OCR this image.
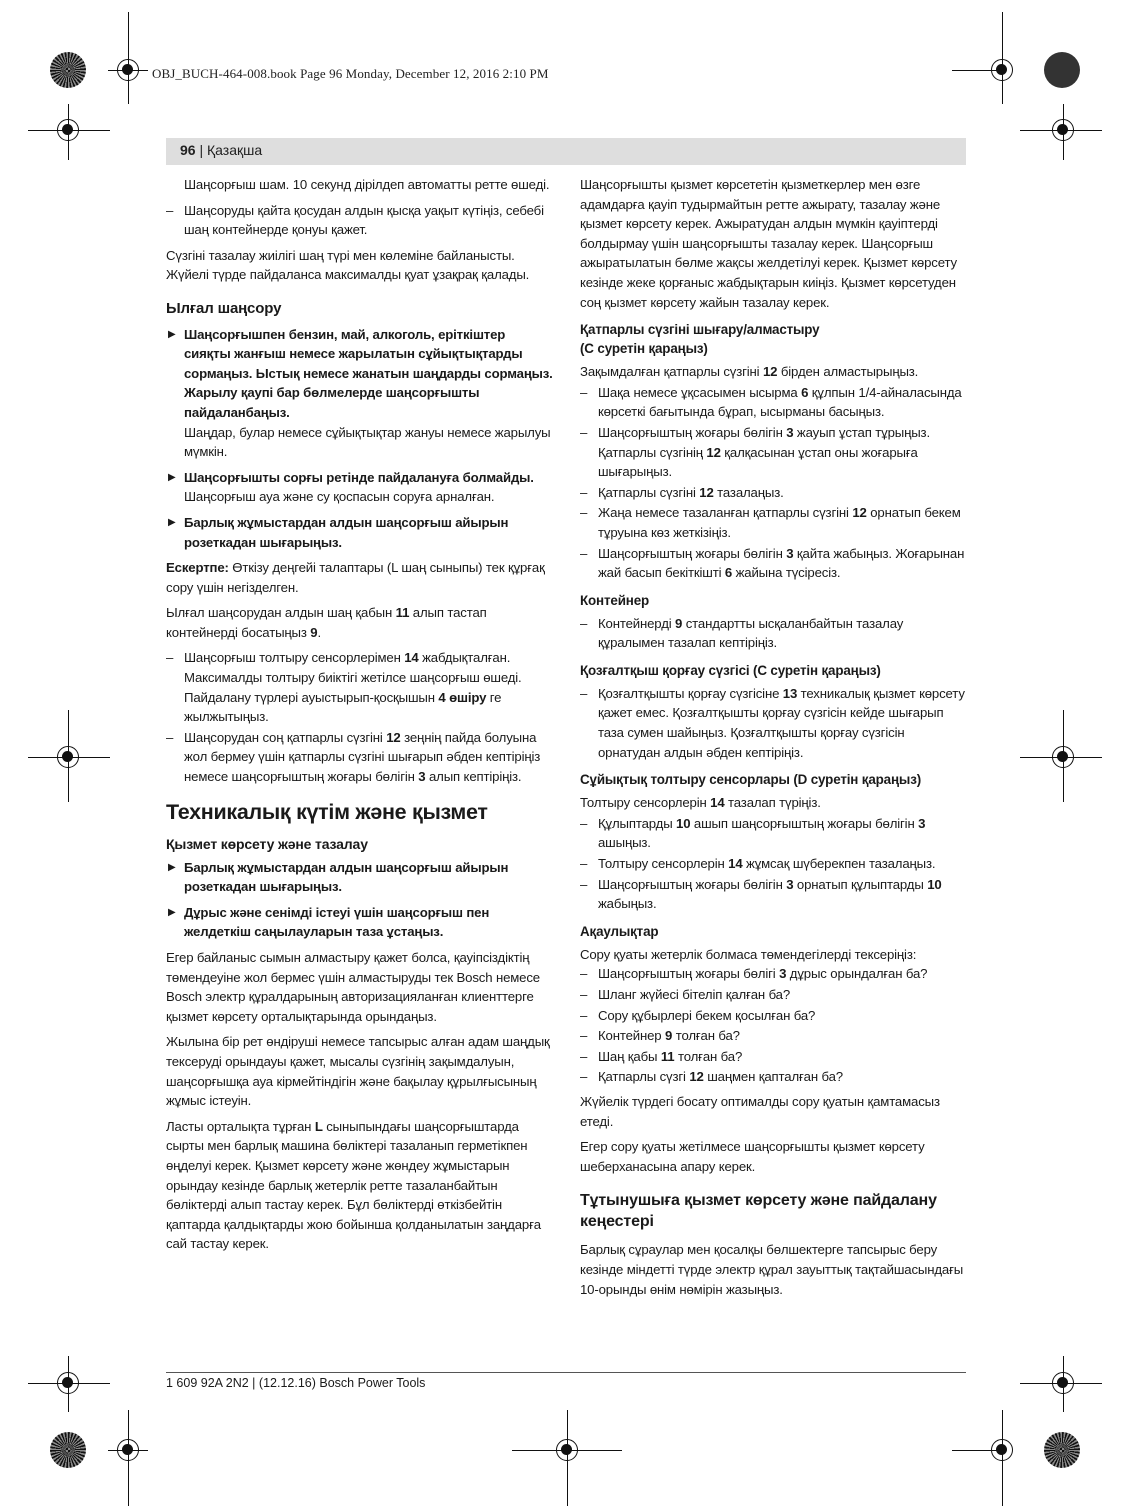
OBJ_BUCH-464-008.book Page 96 Monday, December 12, 2016 2:10 PM
96 | Қазақша

Шаңсорғыш шам. 10 секунд дірілдеп автоматты ретте өшеді.

– Шаңсоруды қайта қосудан алдын қысқа уақыт күтіңіз, себебі шаң контейнерде қонуы қажет.

Сүзгіні тазалау жиілігі шаң түрі мен көлеміне байланысты. Жүйелі түрде пайдаланса максималды қуат ұзақрақ қалады.

Ылғал шаңсору
▶ Шаңсорғышпен бензин, май, алкоголь, еріткіштер сияқты жанғыш немесе жарылатын сұйықтықтарды сормаңыз. Ыстық немесе жанатын шаңдарды сормаңыз. Жарылу қаупі бар бөлмелерде шаңсорғышты пайдаланбаңыз.
Шаңдар, булар немесе сұйықтықтар жануы немесе жарылуы мүмкін.
▶ Шаңсорғышты сорғы ретінде пайдалануға болмайды. Шаңсорғыш ауа және су қоспасын соруға арналған.
▶ Барлық жұмыстардан алдын шаңсорғыш айырын розеткадан шығарыңыз.

Ескертпе: Өткізу деңгейі талаптары (L шаң сыныпы) тек құрғақ сору үшін негізделген.

Ылғал шаңсорудан алдын шаң қабын 11 алып тастап контейнерді босатыңыз 9.

– Шаңсорғыш толтыру сенсорлерімен 14 жабдықталған. Максималды толтыру биіктігі жетілсе шаңсорғыш өшеді. Пайдалану түрлері ауыстырып-қосқышын 4 өшіру ге жылжытыңыз.
– Шаңсорудан соң қатпарлы сүзгіні 12 зеңнің пайда болуына жол бермеу үшін қатпарлы сүзгіні шығарып әбден кептіріңіз немесе шаңсорғыштың жоғары бөлігін 3 алып кептіріңіз.
Техникалық күтім және қызмет
Қызмет көрсету және тазалау
▶ Барлық жұмыстардан алдын шаңсорғыш айырын розеткадан шығарыңыз.
▶ Дұрыс және сенімді істеуі үшін шаңсорғыш пен желдеткіш саңылауларын таза ұстаңыз.

Егер байланыс сымын алмастыру қажет болса, қауіпсіздіктің төмендеуіне жол бермес үшін алмастыруды тек Bosch немесе Bosch электр құралдарының авторизацияланған клиенттерге қызмет көрсету орталықтарында орындаңыз.

Жылына бір рет өндіруші немесе тапсырыс алған адам шаңдық тексеруді орындауы қажет, мысалы сүзгінің зақымдалуын, шаңсорғышқа ауа кірмейтіндігін және бақылау құрылғысының жұмыс істеуін.

Ласты орталықта тұрған L сыныпындағы шаңсорғыштарда сырты мен барлық машина бөліктері тазаланып герметікпен өңделуі керек. Қызмет көрсету және жөндеу жұмыстарын орындау кезінде барлық жетерлік ретте тазаланбайтын бөліктерді алып тастау керек. Бұл бөліктерді өткізбейтін қаптарда қалдықтарды жою бойынша қолданылатын заңдарға сай тастау керек.

Шаңсорғышты қызмет көрсететін қызметкерлер мен өзге адамдарға қауіп тудырмайтын ретте ажырату, тазалау және қызмет көрсету керек. Ажыратудан алдын мүмкін қауіптерді болдырмау үшін шаңсорғышты тазалау керек. Шаңсорғыш ажыратылатын бөлме жақсы желдетілуі керек. Қызмет көрсету кезінде жеке қорғаныс жабдықтарын киіңіз. Қызмет көрсетуден соң қызмет көрсету жайын тазалау керек.

Қатпарлы сүзгіні шығару/алмастыру
(C суретін қараңыз)

Зақымдалған қатпарлы сүзгіні 12 бірден алмастырыңыз.

– Шақа немесе ұқсасымен ысырма 6 құлпын 1/4-айналасында көрсеткі бағытында бұрап, ысырманы басыңыз.
– Шаңсорғыштың жоғары бөлігін 3 жауып ұстап тұрыңыз. Қатпарлы сүзгінің 12 қалқасынан ұстап оны жоғарыға шығарыңыз.
– Қатпарлы сүзгіні 12 тазалаңыз.
– Жаңа немесе тазаланған қатпарлы сүзгіні 12 орнатып бекем тұруына көз жеткізіңіз.
– Шаңсорғыштың жоғары бөлігін 3 қайта жабыңыз. Жоғарынан жай басып бекіткішті 6 жайына түсіресіз.
Контейнер
– Контейнерді 9 стандартты ысқаланбайтын тазалау құралымен тазалап кептіріңіз.
Қозғалтқыш қорғау сүзгісі (C суретін қараңыз)
– Қозғалтқышты қорғау сүзгісіне 13 техникалық қызмет көрсету қажет емес. Қозғалтқышты қорғау сүзгісін кейде шығарып таза сумен шайыңыз. Қозғалтқышты қорғау сүзгісін орнатудан алдын әбден кептіріңіз.
Сұйықтық толтыру сенсорлары (D суретін қараңыз)

Толтыру сенсорлерін 14 тазалап түріңіз.

– Құлыптарды 10 ашып шаңсорғыштың жоғары бөлігін 3 ашыңыз.
– Толтыру сенсорлерін 14 жұмсақ шүберекпен тазалаңыз.
– Шаңсорғыштың жоғары бөлігін 3 орнатып құлыптарды 10 жабыңыз.
Ақаулықтар

Сору қуаты жетерлік болмаса төмендегілерді тексеріңіз:

– Шаңсорғыштың жоғары бөлігі 3 дұрыс орындалған ба?
– Шланг жүйесі бітеліп қалған ба?
– Сору құбырлері бекем қосылған ба?
– Контейнер 9 толған ба?
– Шаң қабы 11 толған ба?
– Қатпарлы сүзгі 12 шаңмен қапталған ба?

Жүйелік түрдегі босату оптималды сору қуатын қамтамасыз етеді.

Егер сору қуаты жетілмесе шаңсорғышты қызмет көрсету шеберханасына апару керек.

Тұтынушыға қызмет көрсету және пайдалану кеңестері

Барлық сұраулар мен қосалқы бөлшектерге тапсырыс беру кезінде міндетті түрде электр құрал зауыттық тақтайшасындағы 10-орынды өнім нөмірін жазыңыз.

1 609 92A 2N2 | (12.12.16) Bosch Power Tools
